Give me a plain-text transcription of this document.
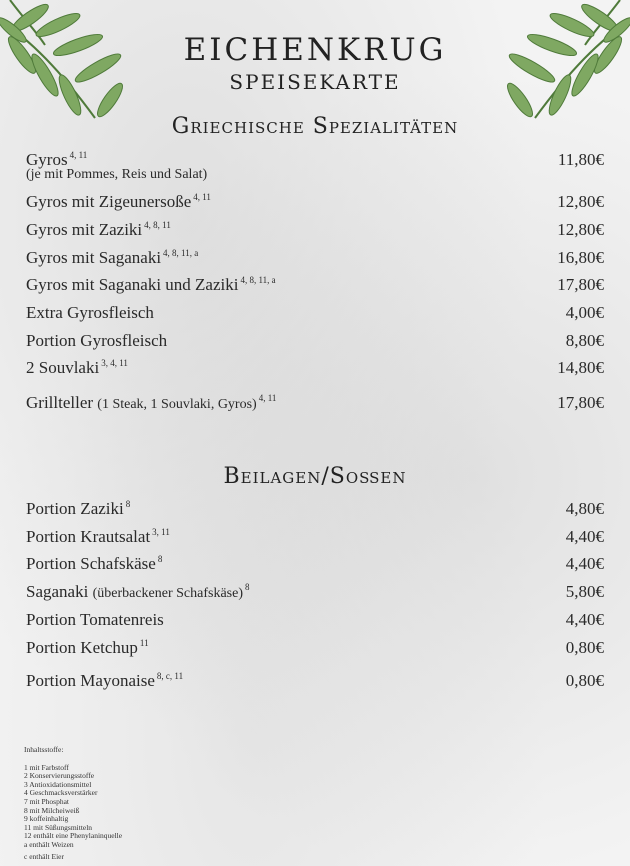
EICHENKRUG
SPEISEKARTE
Griechische Spezialitäten
Gyros $^{4, 11}$	11,80€
(je mit Pommes, Reis und Salat)
Gyros mit Zigeunersoße $^{4, 11}$	12,80€
Gyros mit Zaziki $^{4, 8, 11}$	12,80€
Gyros mit Saganaki $^{4, 8, 11, a}$	16,80€
Gyros mit Saganaki und Zaziki $^{4, 8, 11, a}$	17,80€
Extra Gyrosfleisch	4,00€
Portion Gyrosfleisch	8,80€
2 Souvlaki $^{3, 4, 11}$	14,80€
Grillteller (1 Steak, 1 Souvlaki, Gyros) $^{4, 11}$	17,80€
Beilagen/Soßen
Portion Zaziki $^8$	4,80€
Portion Krautsalat $^{3, 11}$	4,40€
Portion Schafskäse $^8$	4,40€
Saganaki (überbackener Schafskäse) $^8$	5,80€
Portion Tomatenreis	4,40€
Portion Ketchup $^{11}$	0,80€
Portion Mayonaise $^{8, c, 11}$	0,80€
Inhaltsstoffe:
1 mit Farbstoff
2 Konservierungsstoffe
3 Antioxidationsmittel
4 Geschmacksverstärker
7 mit Phosphat
8 mit Milcheiweiß
9 koffeinhaltig
11 mit Süßungsmitteln
12 enthält eine Phenylaninquelle
a enthält Weizen
c enthält Eier
